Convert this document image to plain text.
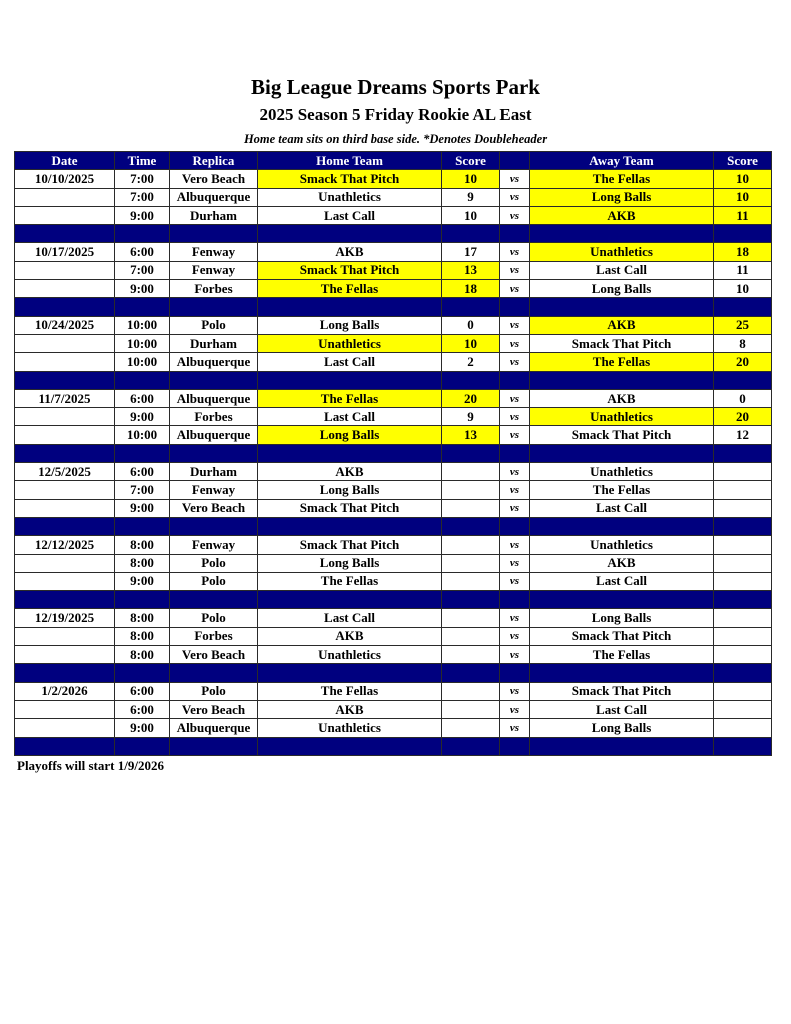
Big League Dreams Sports Park
2025 Season 5 Friday Rookie AL East
Home team sits on third base side. *Denotes Doubleheader
Date	Time	Replica	Home Team	Score		Away Team	Score
10/10/2025	7:00	Vero Beach	Smack That Pitch	10	vs	The Fellas	10
	7:00	Albuquerque	Unathletics	9	vs	Long Balls	10
	9:00	Durham	Last Call	10	vs	AKB	11

10/17/2025	6:00	Fenway	AKB	17	vs	Unathletics	18
	7:00	Fenway	Smack That Pitch	13	vs	Last Call	11
	9:00	Forbes	The Fellas	18	vs	Long Balls	10

10/24/2025	10:00	Polo	Long Balls	0	vs	AKB	25
	10:00	Durham	Unathletics	10	vs	Smack That Pitch	8
	10:00	Albuquerque	Last Call	2	vs	The Fellas	20

11/7/2025	6:00	Albuquerque	The Fellas	20	vs	AKB	0
	9:00	Forbes	Last Call	9	vs	Unathletics	20
	10:00	Albuquerque	Long Balls	13	vs	Smack That Pitch	12

12/5/2025	6:00	Durham	AKB		vs	Unathletics	
	7:00	Fenway	Long Balls		vs	The Fellas	
	9:00	Vero Beach	Smack That Pitch		vs	Last Call	

12/12/2025	8:00	Fenway	Smack That Pitch		vs	Unathletics	
	8:00	Polo	Long Balls		vs	AKB	
	9:00	Polo	The Fellas		vs	Last Call	

12/19/2025	8:00	Polo	Last Call		vs	Long Balls	
	8:00	Forbes	AKB		vs	Smack That Pitch	
	8:00	Vero Beach	Unathletics		vs	The Fellas	

1/2/2026	6:00	Polo	The Fellas		vs	Smack That Pitch	
	6:00	Vero Beach	AKB		vs	Last Call	
	9:00	Albuquerque	Unathletics		vs	Long Balls	

Playoffs will start 1/9/2026
